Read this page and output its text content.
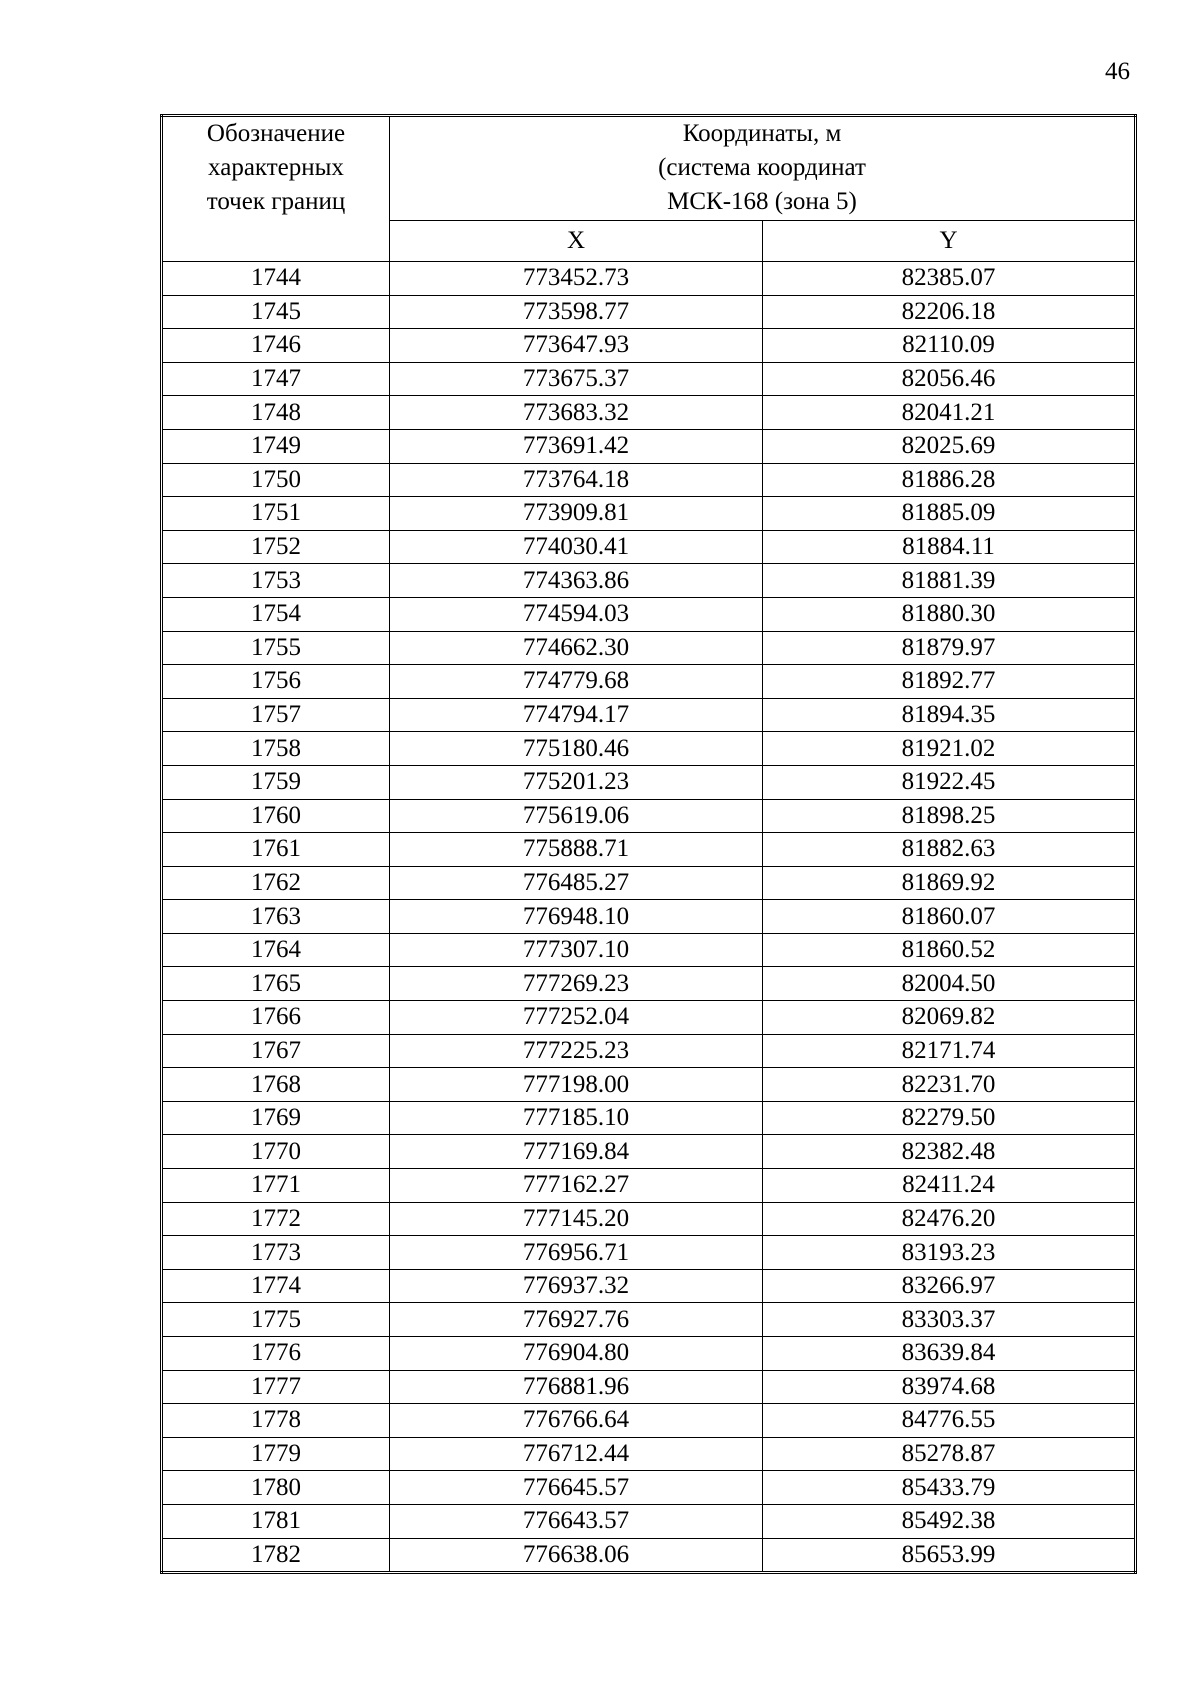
46
Обозначение
характерных
точек границ	Координаты, м
(система координат
МСК-168 (зона 5)	

	X	Y
1744	773452.73	82385.07
1745	773598.77	82206.18
1746	773647.93	82110.09
1747	773675.37	82056.46
1748	773683.32	82041.21
1749	773691.42	82025.69
1750	773764.18	81886.28
1751	773909.81	81885.09
1752	774030.41	81884.11
1753	774363.86	81881.39
1754	774594.03	81880.30
1755	774662.30	81879.97
1756	774779.68	81892.77
1757	774794.17	81894.35
1758	775180.46	81921.02
1759	775201.23	81922.45
1760	775619.06	81898.25
1761	775888.71	81882.63
1762	776485.27	81869.92
1763	776948.10	81860.07
1764	777307.10	81860.52
1765	777269.23	82004.50
1766	777252.04	82069.82
1767	777225.23	82171.74
1768	777198.00	82231.70
1769	777185.10	82279.50
1770	777169.84	82382.48
1771	777162.27	82411.24
1772	777145.20	82476.20
1773	776956.71	83193.23
1774	776937.32	83266.97
1775	776927.76	83303.37
1776	776904.80	83639.84
1777	776881.96	83974.68
1778	776766.64	84776.55
1779	776712.44	85278.87
1780	776645.57	85433.79
1781	776643.57	85492.38
1782	776638.06	85653.99
